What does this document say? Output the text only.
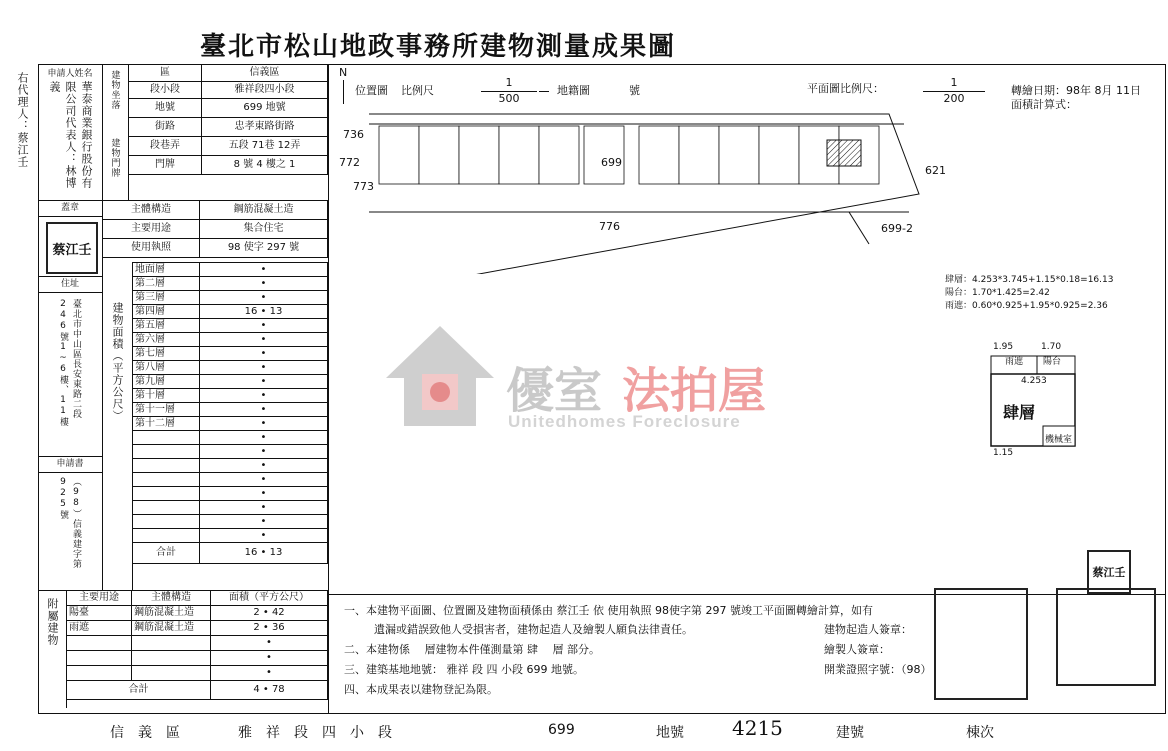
臺北市松山地政事務所建物測量成果圖
右代理人：蔡江壬	申請人姓名
華泰商業銀行股份有限公司代表人：林博義	建物坐落
建物門牌
區	信義區
段小段	雅祥段四小段
地號	699 地號
街路	忠孝東路街路
段巷弄	五段 71巷 12弄
門牌	8 號 4 樓之 1
蓋章
蔡江壬
主體構造	鋼筋混凝土造
主要用途	集合住宅
使用執照	98 使字 297 號
住址
臺北市中山區長安東路二段246號1~6樓、11樓
申請書
（98）信義建字第925號
建物面積（平方公尺）
地面層	•
第二層	•
第三層	•
第四層	16 • 13
第五層	•
第六層	•
第七層	•
第八層	•
第九層	•
第十層	•
第十一層	•
第十二層	•
	•
	•
	•
	•
	•
	•
	•
	•
合計	16 • 13
附屬建物
主要用途	主體構造	面積（平方公尺）
陽臺	鋼筋混凝土造	2 • 42
雨遮	鋼筋混凝土造	2 • 36
		•
		•
		•
合計		4 • 78
N
位置圖 比例尺
1
500
地籍圖	號	平面圖比例尺：	1
200
轉繪日期：98年 8月 11日
面積計算式：
736
772
773
699
776
621
699-2
肆層：4.253*3.745+1.15*0.18=16.13
陽台：1.70*1.425=2.42
雨遮：0.60*0.925+1.95*0.925=2.36
雨遮 陽台
1.95	1.70
4.253
肆層
機械室
1.15
蔡江壬
優室 法拍屋
Unitedhomes Foreclosure
一、本建物平面圖、位置圖及建物面積係由 蔡江壬 依 使用執照 98使字第 297 號竣工平面圖轉繪計算，如有
遺漏或錯誤致他人受損害者，建物起造人及繪製人願負法律責任。
二、本建物係 　層建物本件僅測量第 肆 　層 部分。
三、建築基地地號： 雅祥 段 四 小段 699 地號。
四、本成果表以建物登記為限。
建物起造人簽章：
繪製人簽章：
開業證照字號：（98）
信　義　區	雅　祥　段　四　小　段	699	地號 4215	建號	棟次
